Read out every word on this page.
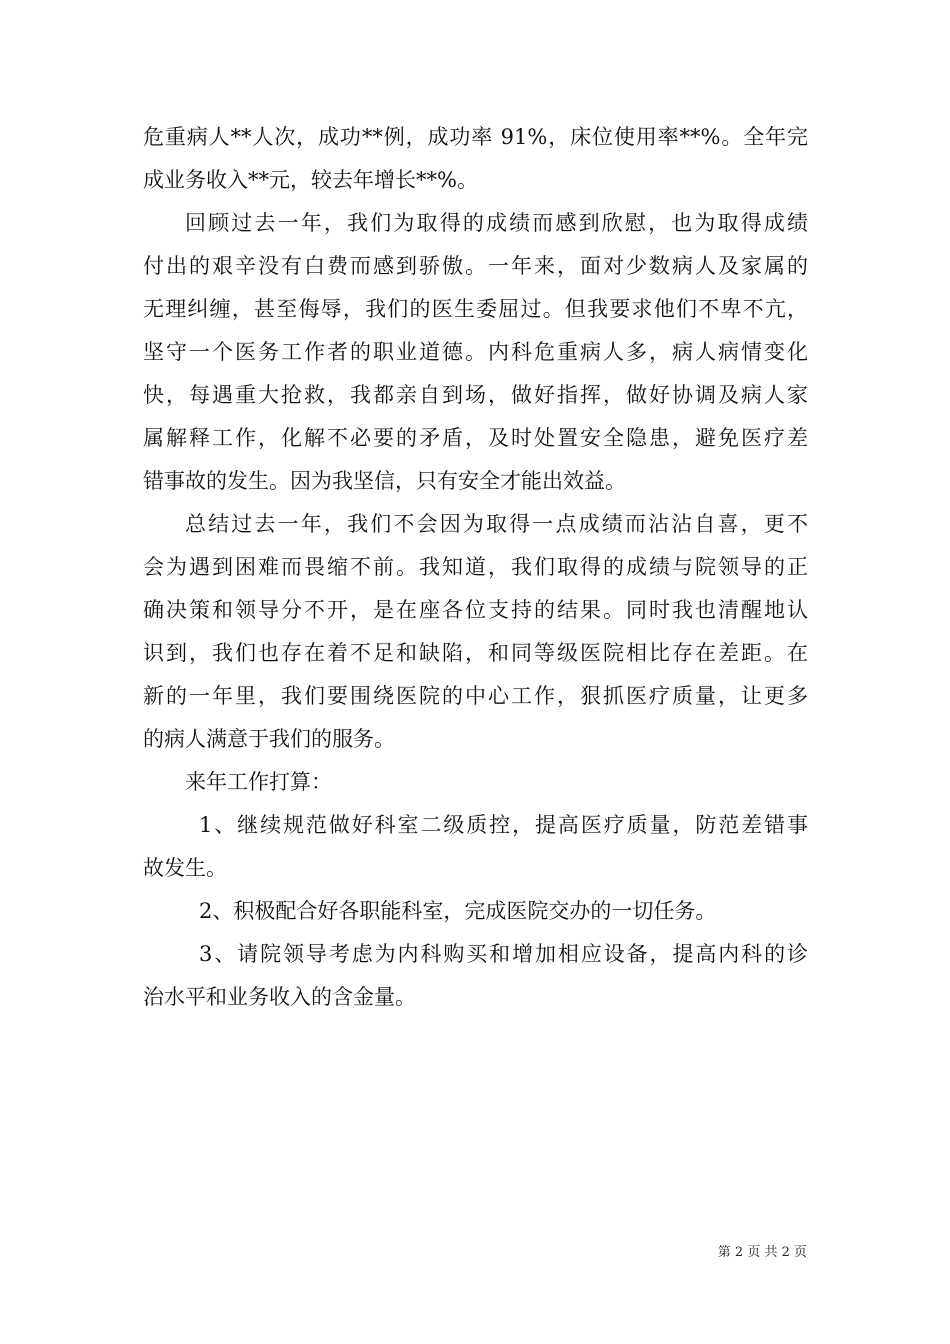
危重病人**人次，成功**例，成功率 91%，床位使用率**%。全年完
成业务收入**元，较去年增长**%。
回顾过去一年，我们为取得的成绩而感到欣慰，也为取得成绩
付出的艰辛没有白费而感到骄傲。一年来，面对少数病人及家属的
无理纠缠，甚至侮辱，我们的医生委屈过。但我要求他们不卑不亢，
坚守一个医务工作者的职业道德。内科危重病人多，病人病情变化
快，每遇重大抢救，我都亲自到场，做好指挥，做好协调及病人家
属解释工作，化解不必要的矛盾，及时处置安全隐患，避免医疗差
错事故的发生。因为我坚信，只有安全才能出效益。
总结过去一年，我们不会因为取得一点成绩而沾沾自喜，更不
会为遇到困难而畏缩不前。我知道，我们取得的成绩与院领导的正
确决策和领导分不开，是在座各位支持的结果。同时我也清醒地认
识到，我们也存在着不足和缺陷，和同等级医院相比存在差距。在
新的一年里，我们要围绕医院的中心工作，狠抓医疗质量，让更多
的病人满意于我们的服务。
来年工作打算：
1、继续规范做好科室二级质控，提高医疗质量，防范差错事
故发生。
2、积极配合好各职能科室，完成医院交办的一切任务。
3、请院领导考虑为内科购买和增加相应设备，提高内科的诊
治水平和业务收入的含金量。
第 2 页 共 2 页
